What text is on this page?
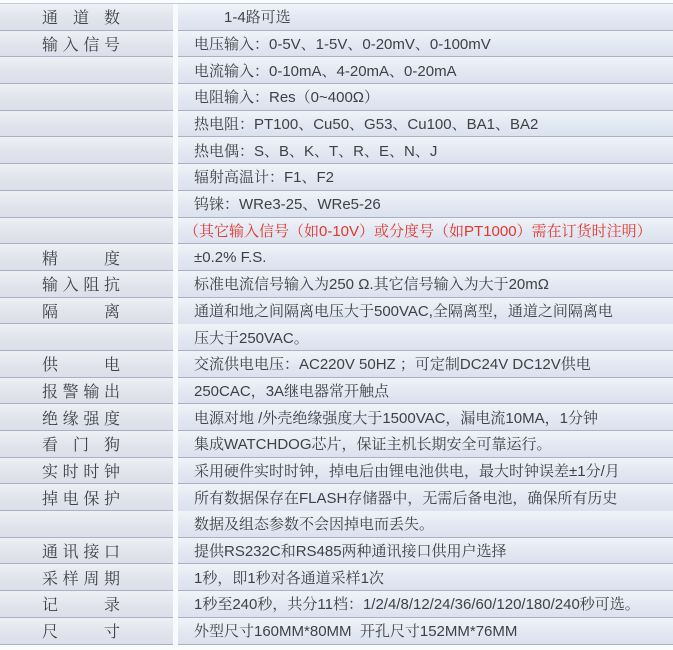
通道数	1-4路可选
输入信号	电压输入：0-5V、1-5V、0-20mV、0-100mV
电流输入：0-10mA、4-20mA、0-20mA
电阻输入：Res（0~400Ω）
热电阻：PT100、Cu50、G53、Cu100、BA1、BA2
热电偶：S、B、K、T、R、E、N、J
辐射高温计：F1、F2
钨铼：WRe3-25、WRe5-26
（其它输入信号（如0-10V）或分度号（如PT1000）需在订货时注明）
精度	±0.2% F.S.
输入阻抗	标准电流信号输入为250 Ω.其它信号输入为大于20mΩ
隔离	通道和地之间隔离电压大于500VAC,全隔离型，通道之间隔离电
压大于250VAC。
供电	交流供电电压：AC220V 50HZ ；可定制DC24V DC12V供电
报警输出	250CAC，3A继电器常开触点
绝缘强度	电源对地 /外壳绝缘强度大于1500VAC，漏电流10MA，1分钟
看门狗	集成WATCHDOG芯片，保证主机长期安全可靠运行。
实时时钟	采用硬件实时时钟，掉电后由锂电池供电，最大时钟误差±1分/月
掉电保护	所有数据保存在FLASH存储器中，无需后备电池，确保所有历史
数据及组态参数不会因掉电而丢失。
通讯接口	提供RS232C和RS485两种通讯接口供用户选择
采样周期	1秒，即1秒对各通道采样1次
记录	1秒至240秒，共分11档：1/2/4/8/12/24/36/60/120/180/240秒可选。
尺寸	外型尺寸160MM*80MM  开孔尺寸152MM*76MM
